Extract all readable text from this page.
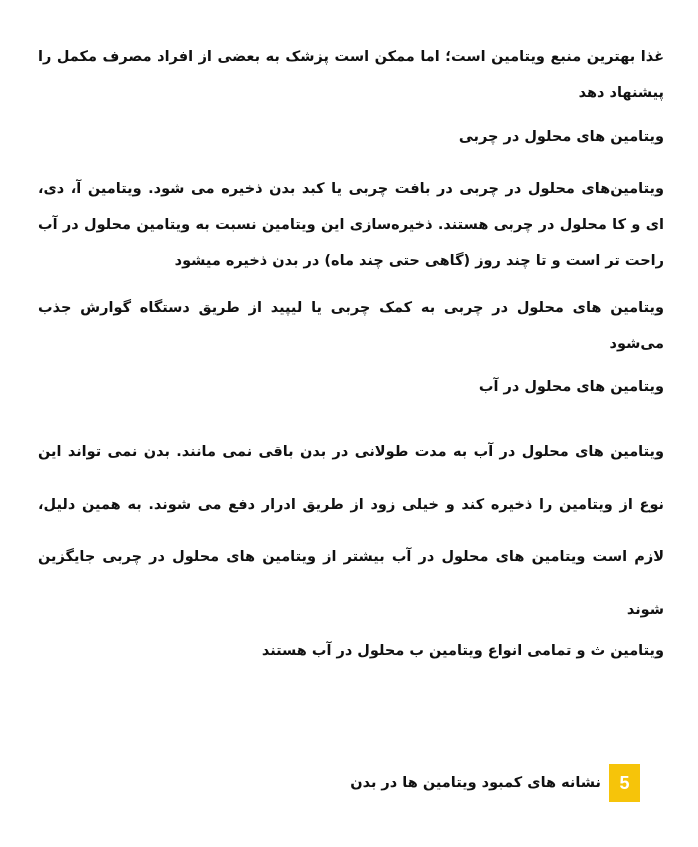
غذا بهترین منبع ویتامین است؛ اما ممکن است پزشک به بعضی از افراد مصرف مکمل را پیشنهاد دهد
ویتامین های محلول در چربی
ویتامین‌های محلول در چربی در بافت چربی یا کبد بدن ذخیره می شود. ویتامین آ، دی، ای و کا محلول در چربی هستند. ذخیره‌سازی این ویتامین نسبت به ویتامین محلول در آب راحت تر است و تا چند روز (گاهی حتی چند ماه) در بدن ذخیره میشود
ویتامین های محلول در چربی به کمک چربی یا لیپید از طریق دستگاه گوارش جذب می‌شود
ویتامین های محلول در آب
ویتامین های محلول در آب به مدت طولانی در بدن باقی نمی مانند. بدن نمی تواند این نوع از ویتامین را ذخیره کند و خیلی زود از طریق ادرار دفع می شوند. به همین دلیل، لازم است ویتامین های محلول در آب بیشتر از ویتامین های محلول در چربی جایگزین شوند
ویتامین ث و تمامی انواع ویتامین ب محلول در آب هستند
5
نشانه های کمبود ویتامین ها در بدن
